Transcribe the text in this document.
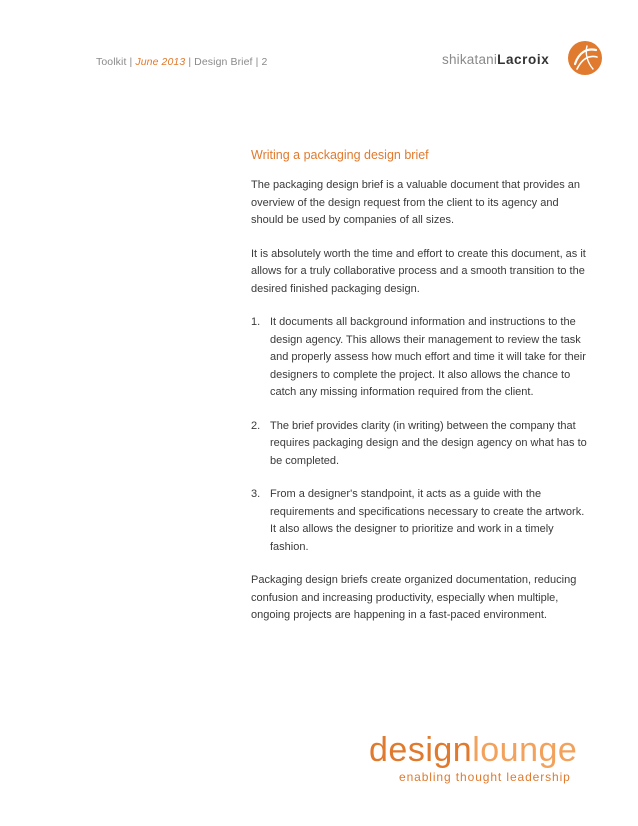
Toolkit | June 2013 | Design Brief | 2	shikataniLacroix
Writing a packaging design brief

The packaging design brief is a valuable document that provides an overview of the design request from the client to its agency and should be used by companies of all sizes.

It is absolutely worth the time and effort to create this document, as it allows for a truly collaborative process and a smooth transition to the desired finished packaging design.

1. It documents all background information and instructions to the design agency. This allows their management to review the task and properly assess how much effort and time it will take for their designers to complete the project. It also allows the chance to catch any missing information required from the client.
2. The brief provides clarity (in writing) between the company that requires packaging design and the design agency on what has to be completed.
3. From a designer's standpoint, it acts as a guide with the requirements and specifications necessary to create the artwork. It also allows the designer to prioritize and work in a timely fashion.

Packaging design briefs create organized documentation, reducing confusion and increasing productivity, especially when multiple, ongoing projects are happening in a fast-paced environment.

designlounge
enabling thought leadership
